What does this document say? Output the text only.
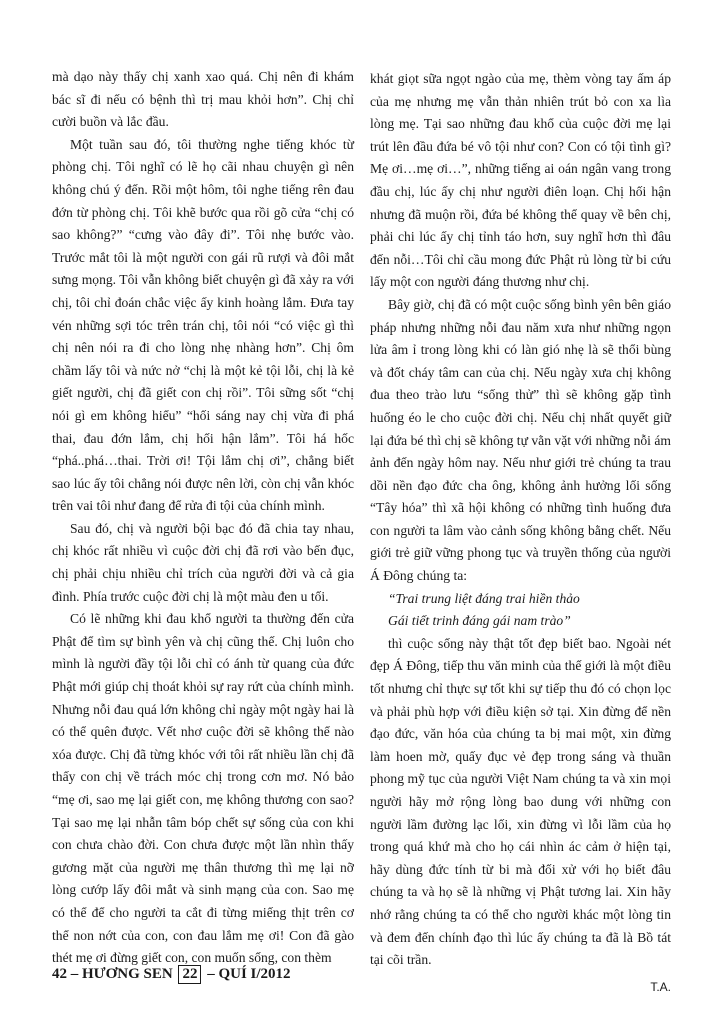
mà dạo này thấy chị xanh xao quá. Chị nên đi khám bác sĩ đi nếu có bệnh thì trị mau khỏi hơn”. Chị chỉ cười buồn và lắc đầu.

Một tuần sau đó, tôi thường nghe tiếng khóc từ phòng chị. Tôi nghĩ có lẽ họ cãi nhau chuyện gì nên không chú ý đến. Rồi một hôm, tôi nghe tiếng rên đau đớn từ phòng chị. Tôi khẽ bước qua rồi gõ cửa “chị có sao không?” “cưng vào đây đi”. Tôi nhẹ bước vào. Trước mắt tôi là một người con gái rũ rượi và đôi mắt sưng mọng. Tôi vẫn không biết chuyện gì đã xảy ra với chị, tôi chỉ đoán chắc việc ấy kinh hoàng lắm. Đưa tay vén những sợi tóc trên trán chị, tôi nói “có việc gì thì chị nên nói ra đi cho lòng nhẹ nhàng hơn”. Chị ôm chầm lấy tôi và nức nở “chị là một kẻ tội lỗi, chị là kẻ giết người, chị đã giết con chị rồi”. Tôi sững sốt “chị nói gì em không hiểu” “hối sáng nay chị vừa đi phá thai, đau đớn lắm, chị hối hận lắm”. Tôi há hốc “phá..phá…thai. Trời ơi! Tội lắm chị ơi”, chẳng biết sao lúc ấy tôi chẳng nói được nên lời, còn chị vẫn khóc trên vai tôi như đang để rửa đi tội của chính mình.

Sau đó, chị và người bội bạc đó đã chia tay nhau, chị khóc rất nhiều vì cuộc đời chị đã rơi vào bến đục, chị phải chịu nhiều chỉ trích của người đời và cả gia đình. Phía trước cuộc đời chị là một màu đen u tối.

Có lẽ những khi đau khổ người ta thường đến cửa Phật để tìm sự bình yên và chị cũng thế. Chị luôn cho mình là người đầy tội lỗi chỉ có ánh từ quang của đức Phật mới giúp chị thoát khỏi sự ray rứt của chính mình. Nhưng nỗi đau quá lớn không chỉ ngày một ngày hai là có thể quên được. Vết nhơ cuộc đời sẽ không thể nào xóa được. Chị đã từng khóc với tôi rất nhiều lần chị đã thấy con chị về trách móc chị trong cơn mơ. Nó bảo “mẹ ơi, sao mẹ lại giết con, mẹ không thương con sao? Tại sao mẹ lại nhẫn tâm bóp chết sự sống của con khi con chưa chào đời. Con chưa được một lần nhìn thấy gương mặt của người mẹ thân thương thì mẹ lại nỡ lòng cướp lấy đôi mắt và sinh mạng của con. Sao mẹ có thể để cho người ta cắt đi từng miếng thịt trên cơ thể non nớt của con, con đau lắm mẹ ơi! Con đã gào thét mẹ ơi đừng giết con, con muốn sống, con thèm

khát giọt sữa ngọt ngào của mẹ, thèm vòng tay ấm áp của mẹ nhưng mẹ vẫn thản nhiên trút bỏ con xa lìa lòng mẹ. Tại sao những đau khổ của cuộc đời mẹ lại trút lên đầu đứa bé vô tội như con? Con có tội tình gì? Mẹ ơi…mẹ ơi…”, những tiếng ai oán ngân vang trong đầu chị, lúc ấy chị như người điên loạn. Chị hối hận nhưng đã muộn rồi, đứa bé không thể quay về bên chị, phải chi lúc ấy chị tỉnh táo hơn, suy nghĩ hơn thì đâu đến nỗi…Tôi chỉ cầu mong đức Phật rủ lòng từ bi cứu lấy một con người đáng thương như chị.

Bây giờ, chị đã có một cuộc sống bình yên bên giáo pháp nhưng những nỗi đau năm xưa như những ngọn lửa âm ỉ trong lòng khi có làn gió nhẹ là sẽ thổi bùng và đốt cháy tâm can của chị. Nếu ngày xưa chị không đua theo trào lưu “sống thử” thì sẽ không gặp tình huống éo le cho cuộc đời chị. Nếu chị nhất quyết giữ lại đứa bé thì chị sẽ không tự vằn vặt với những nỗi ám ảnh đến ngày hôm nay. Nếu như giới trẻ chúng ta trau dồi nền đạo đức cha ông, không ảnh hưởng lối sống “Tây hóa” thì xã hội không có những tình huống đưa con người ta lâm vào cảnh sống không bằng chết. Nếu giới trẻ giữ vững phong tục và truyền thống của người Á Đông chúng ta:

“Trai trung liệt đáng trai hiền thảo
Gái tiết trinh đáng gái nam trào”

thì cuộc sống này thật tốt đẹp biết bao. Ngoài nét đẹp Á Đông, tiếp thu văn minh của thế giới là một điều tốt nhưng chỉ thực sự tốt khi sự tiếp thu đó có chọn lọc và phải phù hợp với điều kiện sở tại. Xin đừng để nền đạo đức, văn hóa của chúng ta bị mai một, xin đừng làm hoen mờ, quấy đục vẻ đẹp trong sáng và thuần phong mỹ tục của người Việt Nam chúng ta và xin mọi người hãy mở rộng lòng bao dung với những con người lầm đường lạc lối, xin đừng vì lỗi lầm của họ trong quá khứ mà cho họ cái nhìn ác cảm ở hiện tại, hãy dùng đức tính từ bi mà đối xử với họ biết đâu chúng ta và họ sẽ là những vị Phật tương lai. Xin hãy nhớ rằng chúng ta có thể cho người khác một lòng tin và đem đến chính đạo thì lúc ấy chúng ta đã là Bồ tát tại cõi trần.

T.A.
42 – HƯƠNG SEN 22 – QUÍ I/2012
